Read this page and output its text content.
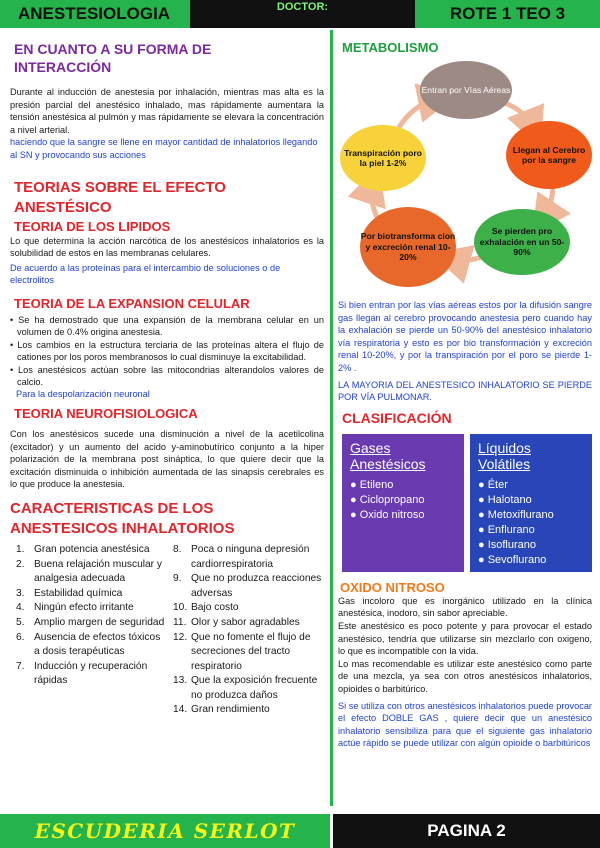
ANESTESIOLOGIA	DOCTOR:	ROTE 1 TEO 3
EN CUANTO A SU FORMA DE INTERACCIÓN

Durante al inducción de anestesia por inhalación, mientras mas alta es la presión parcial del anestésico inhalado, mas rápidamente aumentara la tensión anestésica al pulmón y mas rápidamente se elevara la concentración a nivel arterial.

haciendo que la sangre se llene en mayor cantidad de inhalatorios llegando al SN y provocando sus acciones

TEORIAS SOBRE EL EFECTO ANESTÉSICO
TEORIA DE LOS LIPIDOS

Lo que determina la acción narcótica de los anestésicos inhalatorios es la solubilidad de estos en las membranas celulares.

De acuerdo a las proteínas para el intercambio de soluciones o de electrolitos

TEORIA DE LA EXPANSION CELULAR
• Se ha demostrado que una expansión de la membrana celular en un volumen de 0.4% origina anestesia.
• Los cambios en la estructura terciaria de las proteínas altera el flujo de cationes por los poros membranosos lo cual disminuye la excitabilidad.
• Los anestésicos actúan sobre las mitocondrias alterandolos valores de calcio.

Para la despolarización neuronal

TEORIA NEUROFISIOLOGICA

Con los anestésicos sucede una disminución a nivel de la acetilcolina (excitador) y un aumento del acido y-aminobutírico conjunto a la hiper polarización de la membrana post sináptica, lo que quiere decir que la excitación disminuida o inhibición aumentada de las sinapsis cerebrales es lo que produce la anestesia.

CARACTERISTICAS DE LOS ANESTESICOS INHALATORIOS
1. Gran potencia anestésica
2. Buena relajación muscular y analgesia adecuada
3. Estabilidad química
4. Ningún efecto irritante
5. Amplio margen de seguridad
6. Ausencia de efectos tóxicos a dosis terapéuticas
7. Inducción y recuperación rápidas
8. Poca o ninguna depresión cardiorrespiratoria
9. Que no produzca reacciones adversas
10. Bajo costo
11. Olor y sabor agradables
12. Que no fomente el flujo de secreciones del tracto respiratorio
13. Que la exposición frecuente no produzca daños
14. Gran rendimiento
METABOLISMO
Entran por Vías Aéreas
Llegan al Cerebro por la sangre
Se pierden pro exhalación en un 50-90%
Por biotransforma cion y excreción renal 10-20%
Transpiración poro la piel 1-2%

Si bien entran por las vías aéreas estos por la difusión sangre gas llegan al cerebro provocando anestesia pero cuando hay la exhalación se pierde un 50-90% del anestésico inhalatorio vía respiratoria y esto es por bio transformación y excreción renal 10-20%, y por la transpiración por el poro se pierde 1-2% .

LA MAYORIA DEL ANESTESICO INHALATORIO SE PIERDE POR VÍA PULMONAR.

CLASIFICACIÓN
Gases Anestésicos
● Etileno
● Ciclopropano
● Oxido nitroso
Líquidos Volátiles
● Éter
● Halotano
● Metoxiflurano
● Enflurano
● Isoflurano
● Sevoflurano
OXIDO NITROSO

Gas incoloro que es inorgánico utilizado en la clínica anestésica, inodoro, sin sabor apreciable.

Este anestésico es poco potente y para provocar el estado anestésico, tendría que utilizarse sin mezclarlo con oxigeno, lo que es incompatible con la vida.

Lo mas recomendable es utilizar este anestésico como parte de una mezcla, ya sea con otros anestésicos inhalatorios, opioides o barbitúrico.

Si se utiliza con otros anestésicos inhalatorios puede provocar el efecto DOBLE GAS , quiere decir que un anestésico inhalatorio sensibiliza para que el siguiente gas inhalatorio actúe rápido se puede utilizar con algún opioide o barbitúricos

ESCUDERIA SERLOT	PAGINA 2
